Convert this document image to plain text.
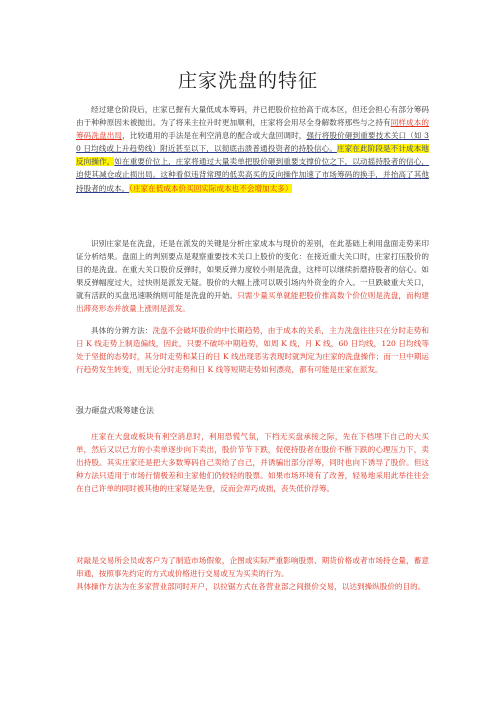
庄家洗盘的特征
经过建仓阶段后，庄家已握有大量低成本筹码，并已把股价拉抬高于成本区，但还会担心有部分筹码由于种种原因未被抛出。为了将来主拉升时更加顺利，庄家将会用尽全身解数将那些与之持有同样成本的筹码洗盘出局，比较通用的手法是在利空消息的配合或大盘回调时，强行将股价砸到重要技术关口（如 30 日均线或上升趋势线）附近甚至以下，以彻底击溃普通投资者的持股信心。庄家在此阶段是不计成本地反向操作，如在重要价位上，庄家将通过大量卖单把股价砸到重要支撑价位之下，以动摇持股者的信心，迫使其减仓或止损出局。这种看似违背常理的低卖高买的反向操作加速了市场筹码的换手，并抬高了其他持股者的成本。（庄家在低成本价买回实际成本也不会增加太多）
识别庄家是在洗盘，还是在派发的关键是分析庄家成本与现价的差别，在此基础上利用盘面走势来印证分析结果。盘面上的判别要点是观察重要技术关口上股价的变化：在接近重大关口时，庄家打压股价的目的是洗盘。在重大关口股价反弹时，如果反弹力度较小则是洗盘，这样可以继续折磨持股者的信心。如果反弹幅度过大，过快则是派发无疑。股价的大幅上涨可以吸引场内外资金的介入。一旦跌破重大关口，就有活跃的买盘迅速吸纳则可能是洗盘的开始。只需少量买单就能把股价推高数个价位则是洗盘，而构建出滞亮形态并放量上涨则是派发。
具体的分辨方法：洗盘不会破坏股价的中长期趋势，由于成本的关系，主力洗盘往往只在分时走势和日 K 线走势上制造偏线，因此，只要不破坏中期趋势，如周 K 线，月 K 线，60 日均线，120 日均线等处于坚挺的态势时，其分时走势和某日的日 K 线出现恶劣表现时就判定为庄家的洗盘操作；而一旦中期运行趋势发生转变，则无论分时走势和日 K 线等短期走势如何漂亮，都有可能是庄家在派发。
强力砸盘式吸筹建仓法
庄家在大盘或板块有利空消息时，利用恐慌气氛，下档无买盘承接之际，先在下档埋下自己的大买单，然后又以已方的小卖单逐步向下卖出，股价节节下跌，促使持股者在股价不断下跌的心理压力下，卖出持股。其实庄家还是把大多数筹码自己卖给了自己，并诱骗出部分浮筹，同时也向下诱导了股价。但这种方法只适用于市场行情极差和主家他们仍较轻的股票。如果市场环境有了改善，轻易地采用此举往往会在自己许单的同时被其他的庄家疑是先登，反而会弄巧成拙，丧失低价浮筹。
对敲是交易所会员或客户为了制造市场假象，企图或实际严重影响股票、期货价格或者市场持仓量，蓄意串通，按照事先约定的方式或价格进行交易或互为买卖的行为。
具体操作方法为在多家营业部同时开户，以拉锯方式在各营业部之间报价交易，以达到操纵股价的目的。
